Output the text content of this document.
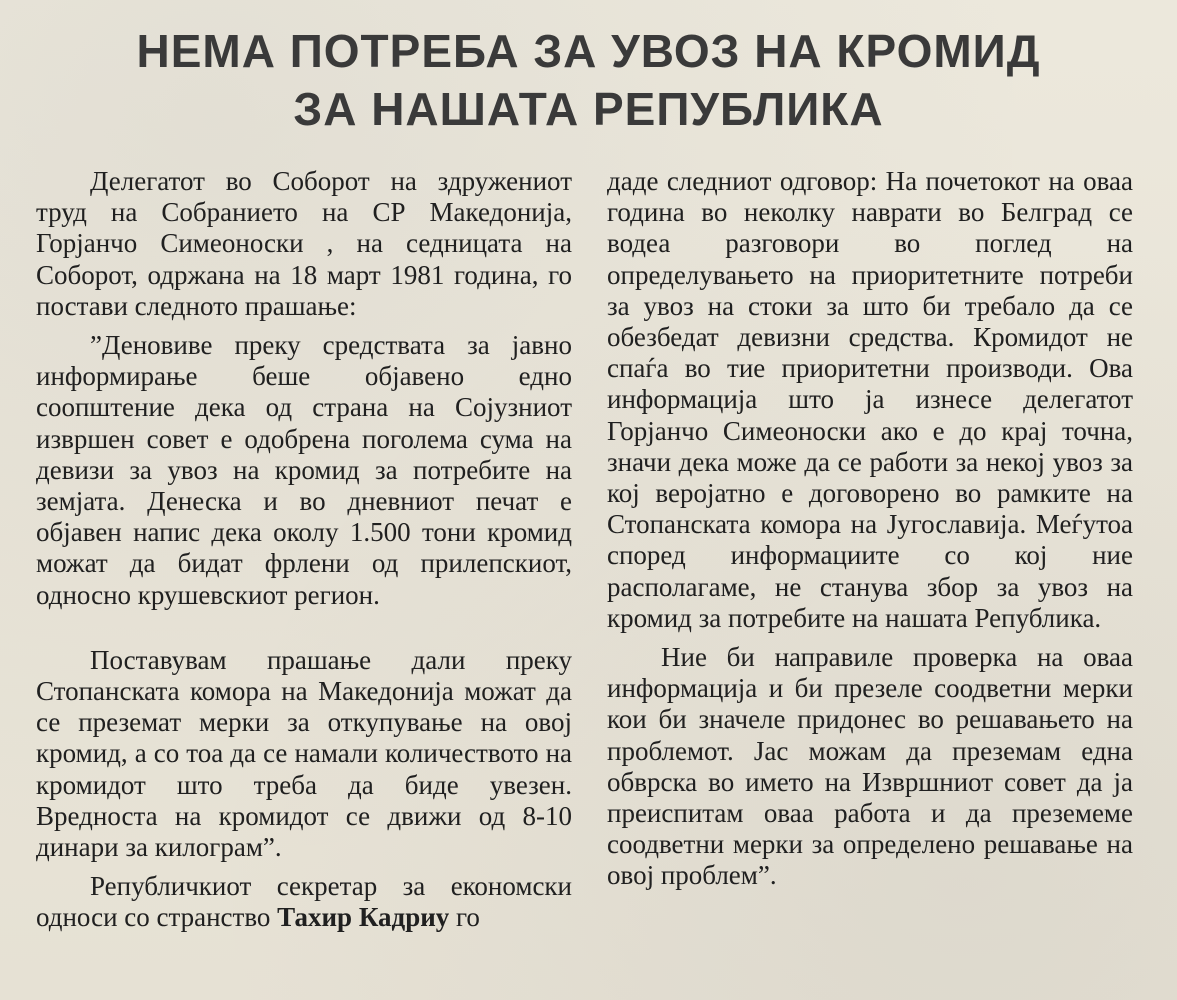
НЕМА ПОТРЕБА ЗА УВОЗ НА КРОМИД
ЗА НАШАТА РЕПУБЛИКА

Делегатот во Соборот на здружениот труд на Собранието на СР Македонија, Горјанчо Симеоноски , на седницата на Соборот, одржана на 18 март 1981 година, го постави следното прашање:

”Деновиве преку средствата за јавно информирање беше објавено едно соопштение дека од страна на Сојузниот извршен совет е одобрена поголема сума на девизи за увоз на кромид за потребите на земјата. Денеска и во дневниот печат е објавен напис дека околу 1.500 тони кромид можат да бидат фрлени од прилепскиот, односно крушевскиот регион.

Поставувам прашање дали преку Стопанската комора на Македонија можат да се преземат мерки за откупување на овој кромид, а со тоа да се намали количеството на кромидот што треба да биде увезен. Вредноста на кромидот се движи од 8-10 динари за килограм”.

Републичкиот секретар за економски односи со странство Тахир Кадриу го

даде следниот одговор: На почетокот на оваа година во неколку наврати во Белград се водеа разговори во поглед на определувањето на приоритетните потреби за увоз на стоки за што би требало да се обезбедат девизни средства. Кромидот не спаѓа во тие приоритетни производи. Ова информација што ја изнесе делегатот Горјанчо Симеоноски ако е до крај точна, значи дека може да се работи за некој увоз за кој веројатно е договорено во рамките на Стопанската комора на Југославија. Меѓутоа според информациите со кој ние располагаме, не станува збор за увоз на кромид за потребите на нашата Република.

Ние би направиле проверка на оваа информација и би презеле соодветни мерки кои би значеле придонес во решавањето на проблемот. Јас можам да преземам една обврска во името на Извршниот совет да ја преиспитам оваа работа и да преземеме соодветни мерки за определено решавање на овој проблем”.
